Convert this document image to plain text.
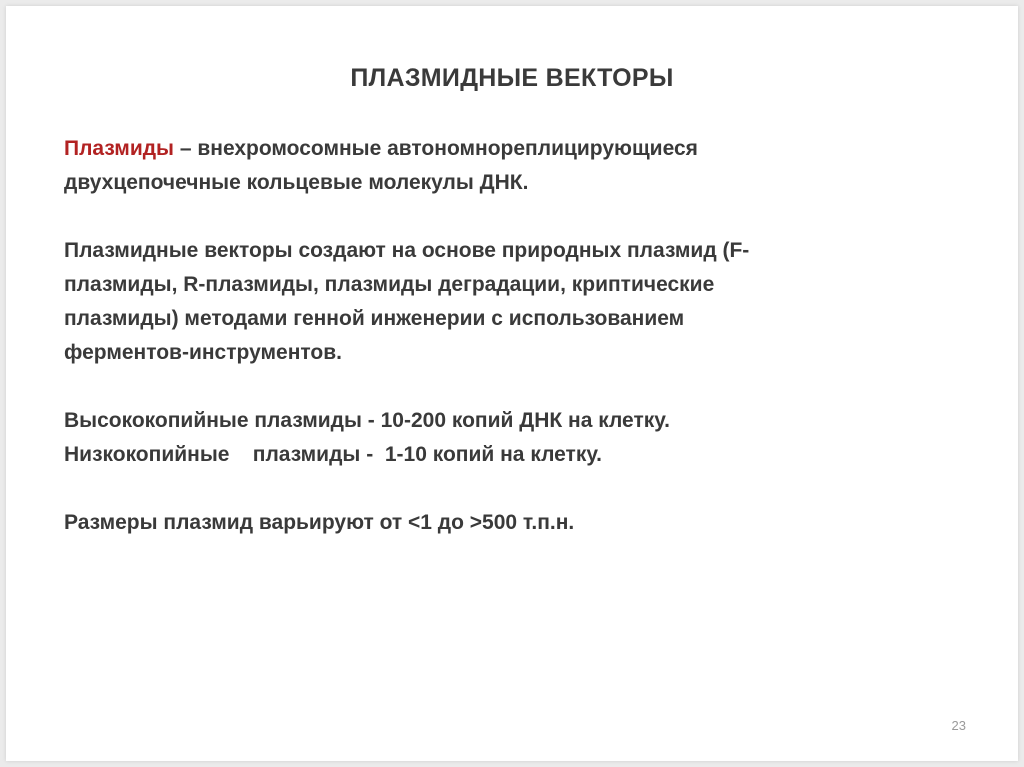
ПЛАЗМИДНЫЕ ВЕКТОРЫ

Плазмиды – внехромосомные автономнореплицирующиеся
двухцепочечные кольцевые молекулы ДНК.

Плазмидные векторы создают на основе природных плазмид (F-
плазмиды, R-плазмиды, плазмиды деградации, криптические
плазмиды) методами генной инженерии с использованием
ферментов-инструментов.

Высококопийные плазмиды - 10-200 копий ДНК на клетку.
Низкокопийные    плазмиды -  1-10 копий на клетку.

Размеры плазмид варьируют от <1 до >500 т.п.н.

23
